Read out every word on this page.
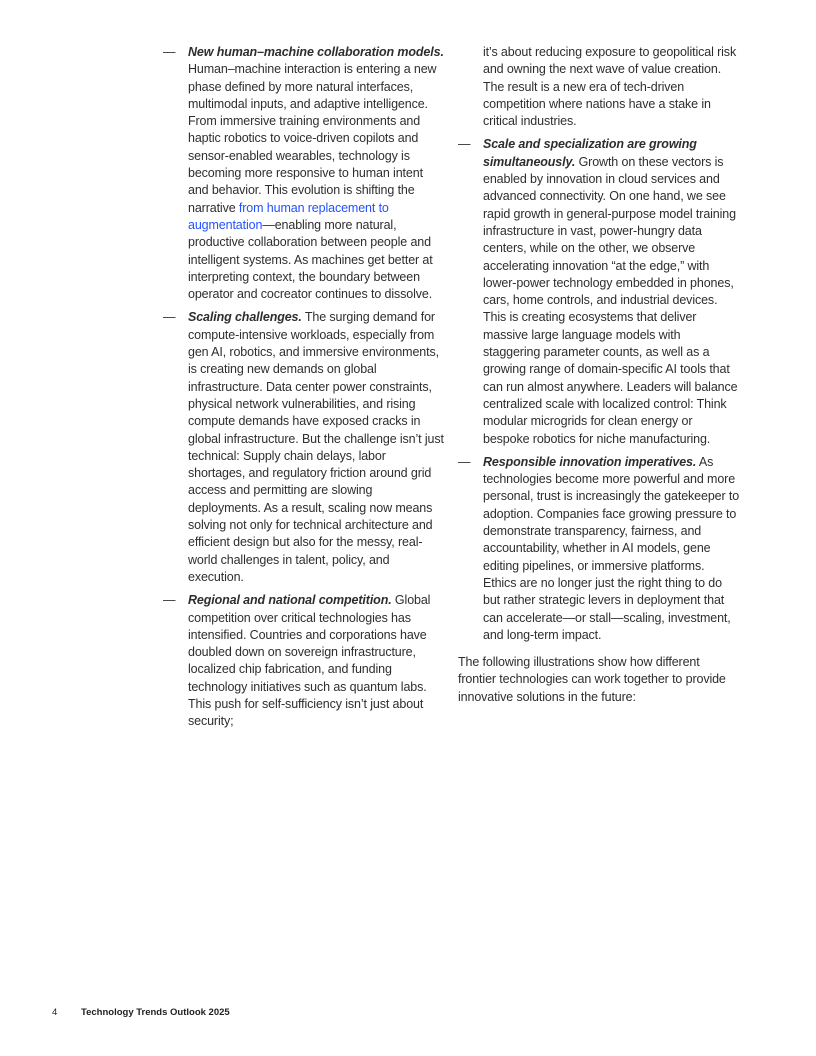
— New human–machine collaboration models. Human–machine interaction is entering a new phase defined by more natural interfaces, multimodal inputs, and adaptive intelligence. From immersive training environments and haptic robotics to voice-driven copilots and sensor-enabled wearables, technology is becoming more responsive to human intent and behavior. This evolution is shifting the narrative from human replacement to augmentation—enabling more natural, productive collaboration between people and intelligent systems. As machines get better at interpreting context, the boundary between operator and cocreator continues to dissolve.
— Scaling challenges. The surging demand for compute-intensive workloads, especially from gen AI, robotics, and immersive environments, is creating new demands on global infrastructure. Data center power constraints, physical network vulnerabilities, and rising compute demands have exposed cracks in global infrastructure. But the challenge isn’t just technical: Supply chain delays, labor shortages, and regulatory friction around grid access and permitting are slowing deployments. As a result, scaling now means solving not only for technical architecture and efficient design but also for the messy, real-world challenges in talent, policy, and execution.
— Regional and national competition. Global competition over critical technologies has intensified. Countries and corporations have doubled down on sovereign infrastructure, localized chip fabrication, and funding technology initiatives such as quantum labs. This push for self-sufficiency isn’t just about security;
it’s about reducing exposure to geopolitical risk and owning the next wave of value creation. The result is a new era of tech-driven competition where nations have a stake in critical industries.
— Scale and specialization are growing simultaneously. Growth on these vectors is enabled by innovation in cloud services and advanced connectivity. On one hand, we see rapid growth in general-purpose model training infrastructure in vast, power-hungry data centers, while on the other, we observe accelerating innovation “at the edge,” with lower-power technology embedded in phones, cars, home controls, and industrial devices. This is creating ecosystems that deliver massive large language models with staggering parameter counts, as well as a growing range of domain-specific AI tools that can run almost anywhere. Leaders will balance centralized scale with localized control: Think modular microgrids for clean energy or bespoke robotics for niche manufacturing.
— Responsible innovation imperatives. As technologies become more powerful and more personal, trust is increasingly the gatekeeper to adoption. Companies face growing pressure to demonstrate transparency, fairness, and accountability, whether in AI models, gene editing pipelines, or immersive platforms. Ethics are no longer just the right thing to do but rather strategic levers in deployment that can accelerate—or stall—scaling, investment, and long-term impact.
The following illustrations show how different frontier technologies can work together to provide innovative solutions in the future:
4 Technology Trends Outlook 2025
